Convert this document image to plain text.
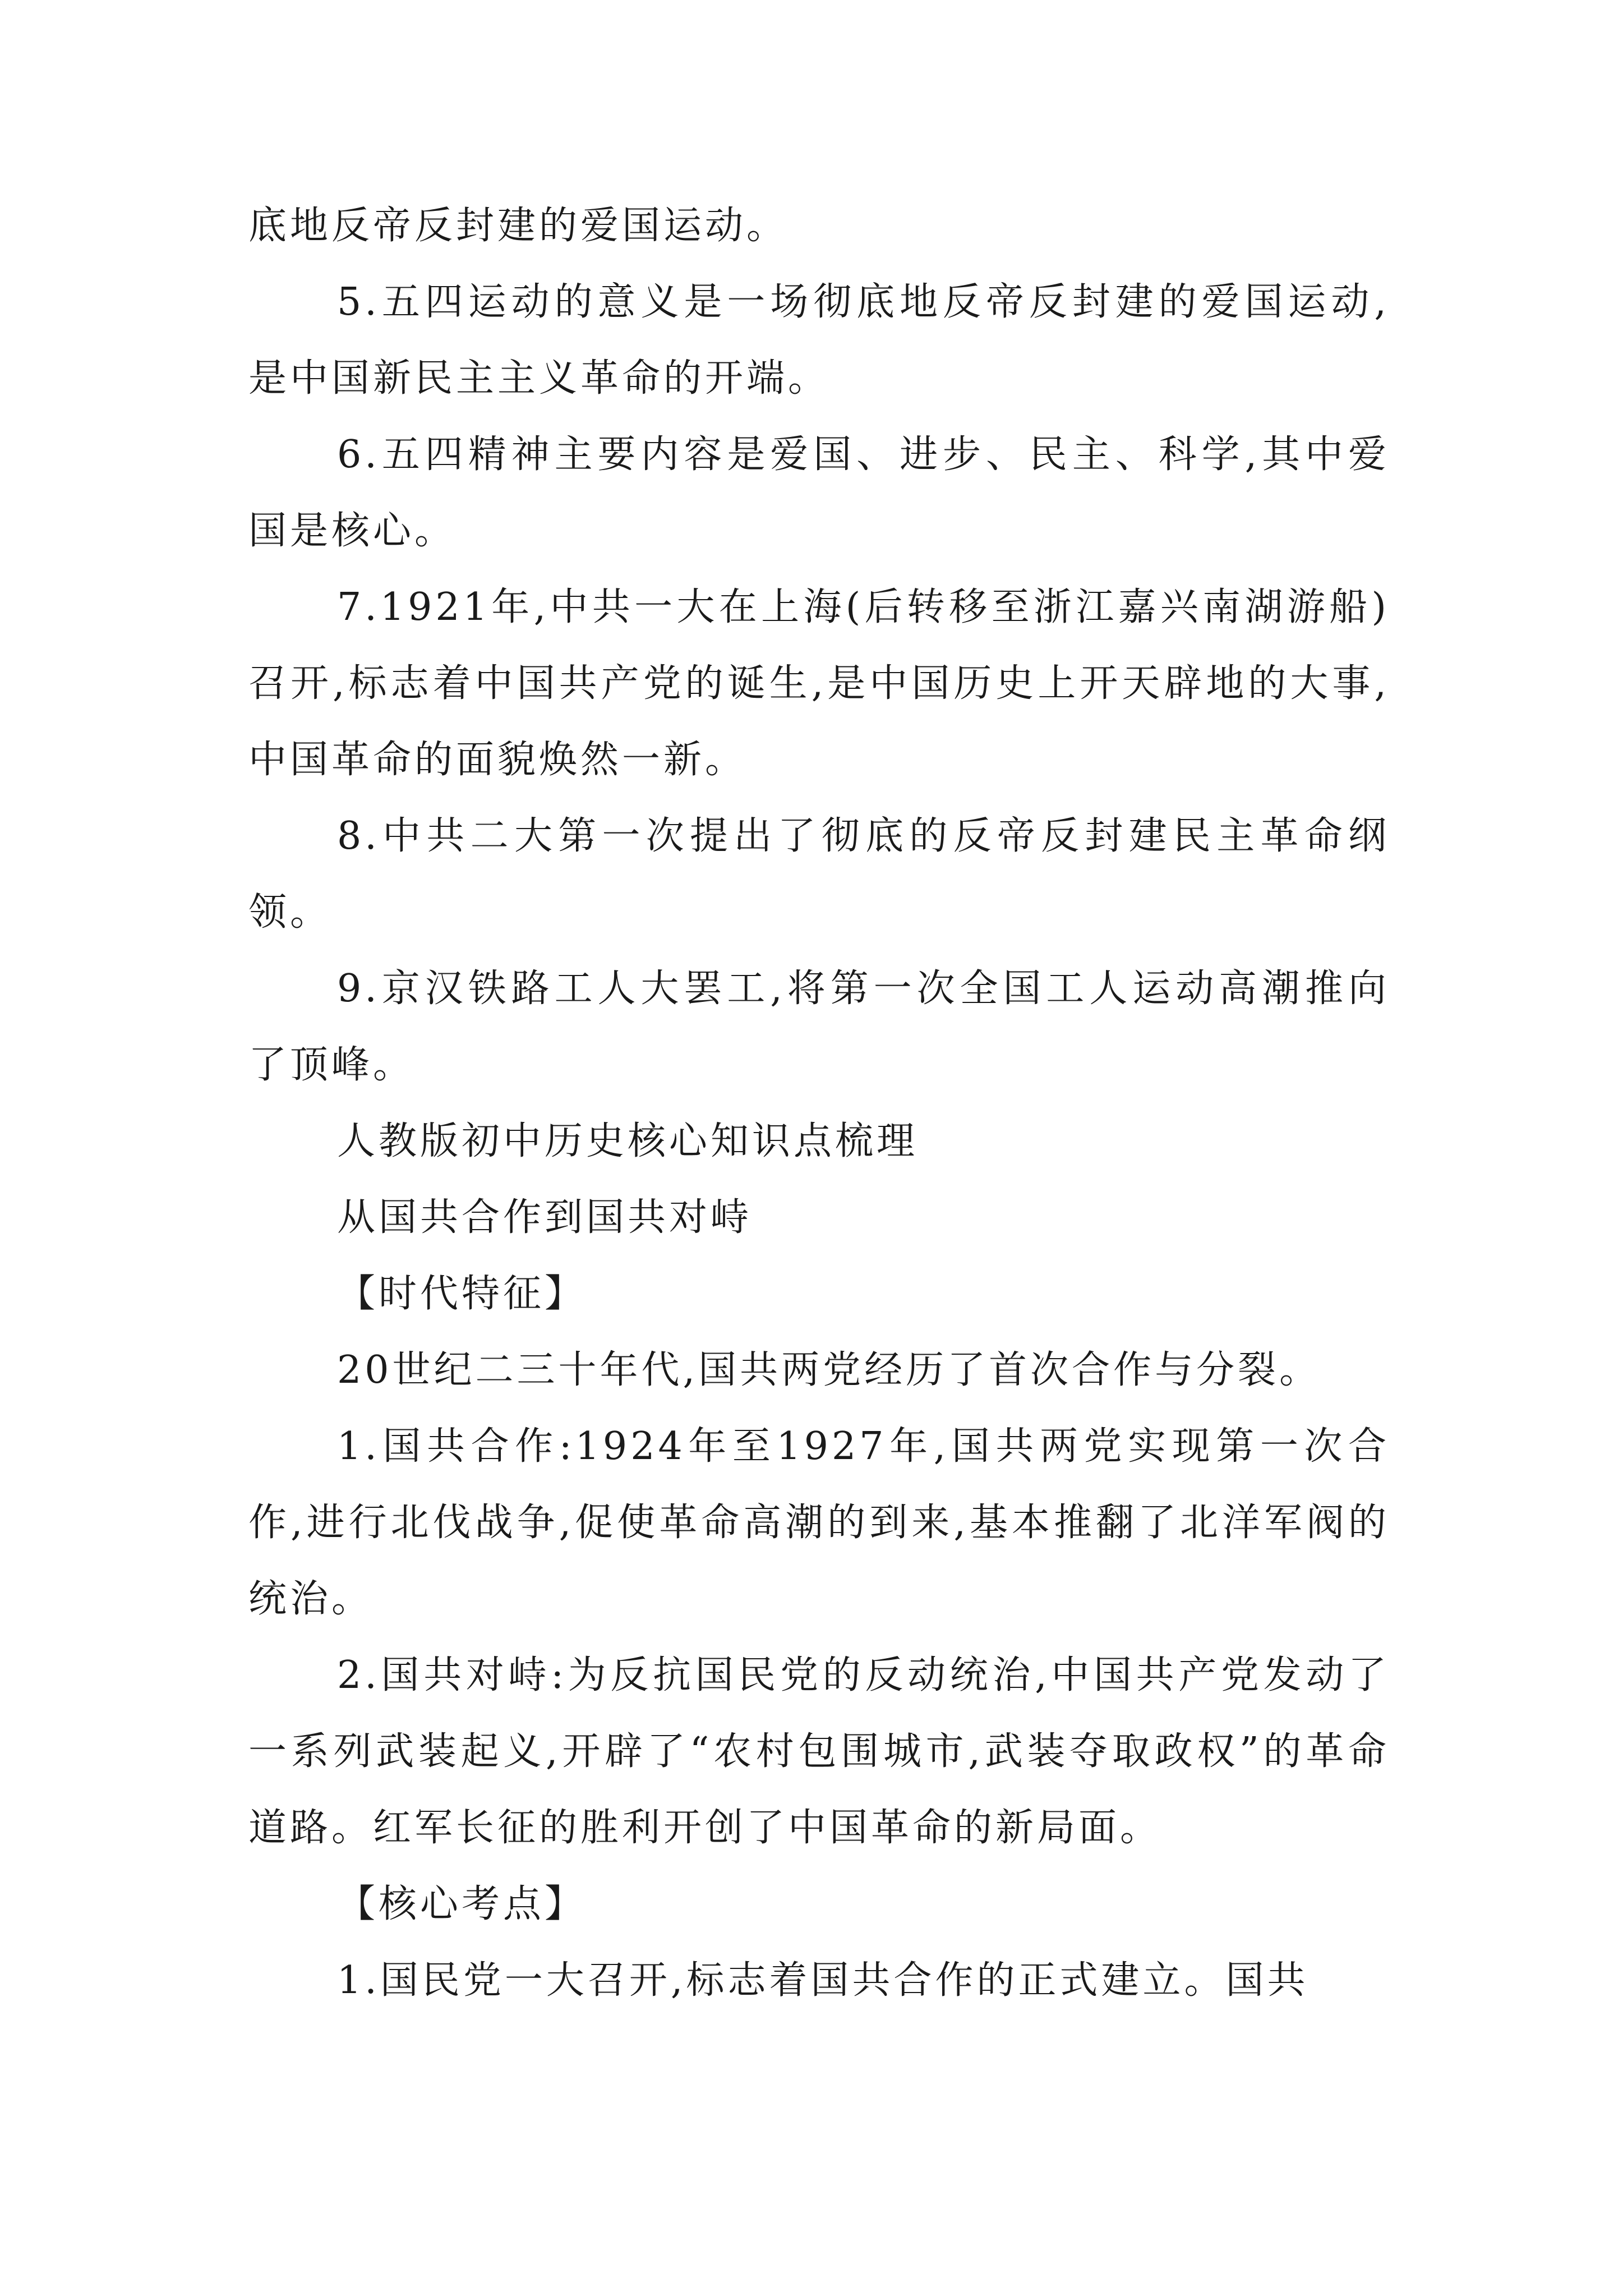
底地反帝反封建的爱国运动。

5.五四运动的意义是一场彻底地反帝反封建的爱国运动,是中国新民主主义革命的开端。

6.五四精神主要内容是爱国、进步、民主、科学,其中爱国是核心。

7.1921年,中共一大在上海(后转移至浙江嘉兴南湖游船)召开,标志着中国共产党的诞生,是中国历史上开天辟地的大事,中国革命的面貌焕然一新。

8.中共二大第一次提出了彻底的反帝反封建民主革命纲领。

9.京汉铁路工人大罢工,将第一次全国工人运动高潮推向了顶峰。

人教版初中历史核心知识点梳理

从国共合作到国共对峙

【时代特征】

20世纪二三十年代,国共两党经历了首次合作与分裂。

1.国共合作:1924年至1927年,国共两党实现第一次合作,进行北伐战争,促使革命高潮的到来,基本推翻了北洋军阀的统治。

2.国共对峙:为反抗国民党的反动统治,中国共产党发动了一系列武装起义,开辟了“农村包围城市,武装夺取政权”的革命道路。红军长征的胜利开创了中国革命的新局面。

【核心考点】

1.国民党一大召开,标志着国共合作的正式建立。国共
